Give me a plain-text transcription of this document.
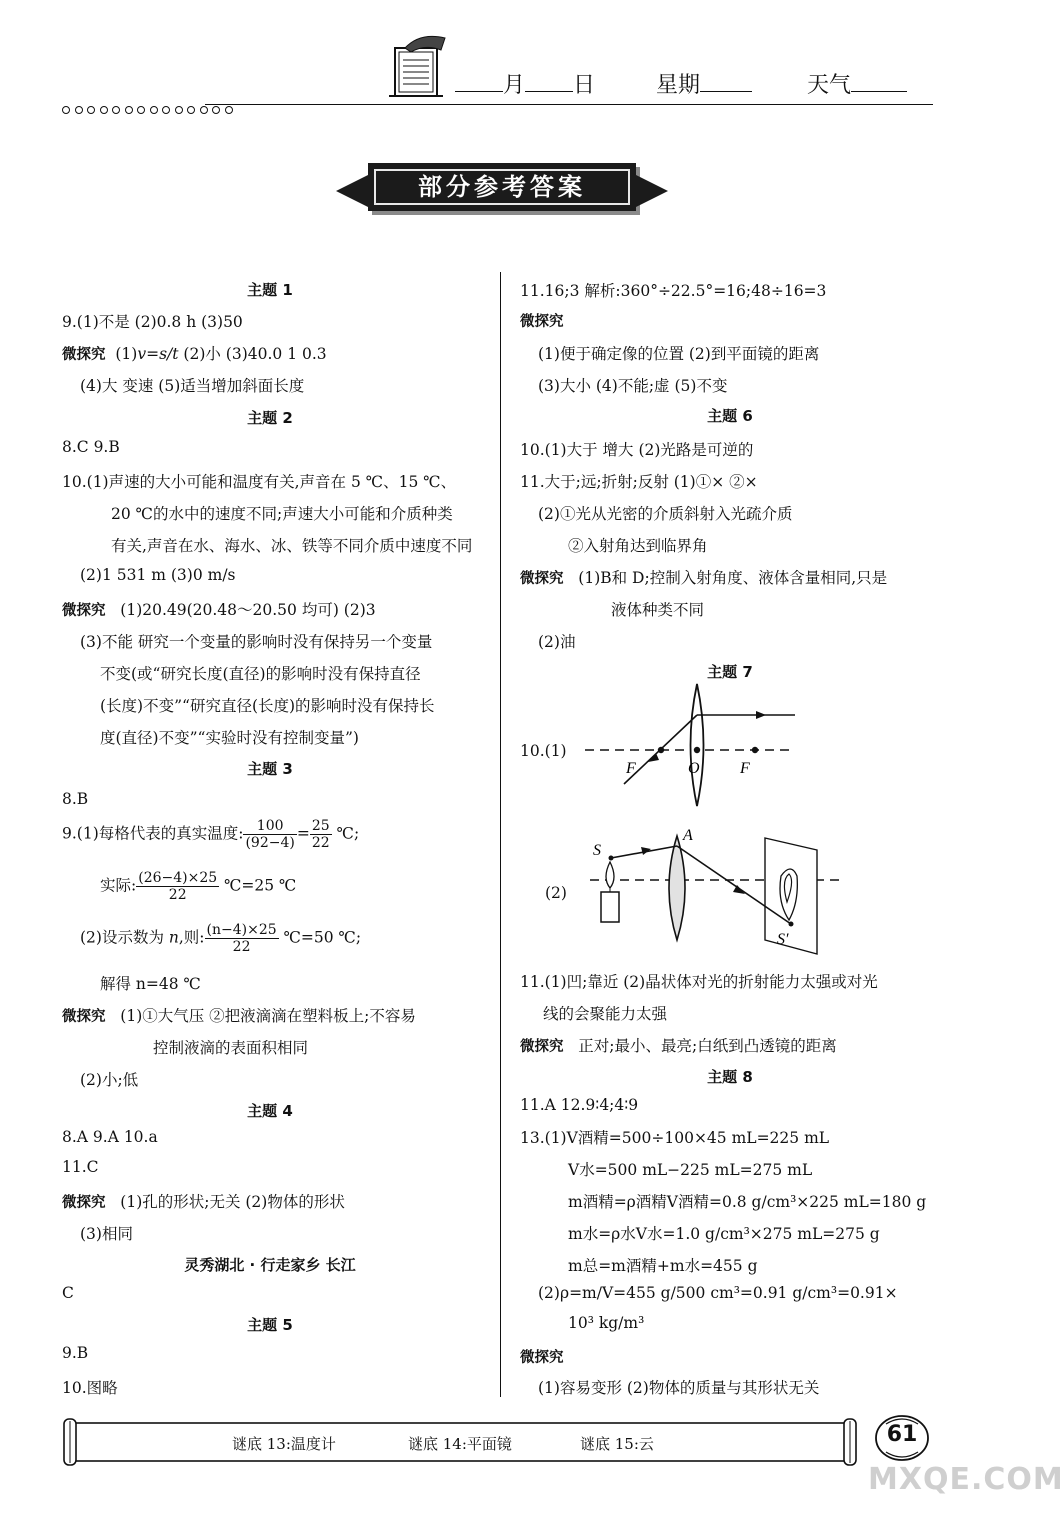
月 日	星期	天气
部分参考答案
主题 1
9.(1)不是 (2)0.8 h (3)50
微探究 (1)v=s/t (2)小 (3)40.0 1 0.3
(4)大 变速 (5)适当增加斜面长度
主题 2
8.C 9.B
10.(1)声速的大小可能和温度有关,声音在 5 ℃、15 ℃、
20 ℃的水中的速度不同;声速大小可能和介质种类
有关,声音在水、海水、冰、铁等不同介质中速度不同
(2)1 531 m (3)0 m/s
微探究 (1)20.49(20.48～20.50 均可) (2)3
(3)不能 研究一个变量的影响时没有保持另一个变量
不变(或“研究长度(直径)的影响时没有保持直径
(长度)不变”“研究直径(长度)的影响时没有保持长
度(直径)不变”“实验时没有控制变量”)
主题 3
8.B
9.(1)每格代表的真实温度: $\frac{100}{(92-4)} = \frac{25}{22}$ ℃;
实际: $\frac{(26-4)\times 25}{22}$ ℃=25 ℃
(2)设示数为 n,则: $\frac{(n-4)\times 25}{22}$ ℃=50 ℃;
解得 n=48 ℃
微探究 (1)①大气压 ②把液滴滴在塑料板上;不容易
控制液滴的表面积相同
(2)小;低
主题 4
8.A 9.A 10.a
11.C
微探究 (1)孔的形状;无关 (2)物体的形状
(3)相同
灵秀湖北 · 行走家乡 长江
C
主题 5
9.B
10.图略
11.16;3 解析:360°÷22.5°=16;48÷16=3
微探究
(1)便于确定像的位置 (2)到平面镜的距离
(3)大小 (4)不能;虚 (5)不变
主题 6
10.(1)大于 增大 (2)光路是可逆的
11.大于;远;折射;反射 (1)①× ②×
(2)①光从光密的介质斜射入光疏介质
②入射角达到临界角
微探究 (1)B和 D;控制入射角度、液体含量相同,只是
液体种类不同
(2)油
主题 7
10.(1)
F	O	F
(2)
S
A
S′
11.(1)凹;靠近 (2)晶状体对光的折射能力太强或对光
线的会聚能力太强
微探究 正对;最小、最亮;白纸到凸透镜的距离
主题 8
11.A 12.9∶4;4∶9
13.(1)V酒精=500÷100×45 mL=225 mL
V水=500 mL−225 mL=275 mL
m酒精=ρ酒精V酒精=0.8 g/cm³×225 mL=180 g
m水=ρ水V水=1.0 g/cm³×275 mL=275 g
m总=m酒精+m水=455 g
(2)ρ=m/V=455 g/500 cm³=0.91 g/cm³=0.91×
10³ kg/m³
微探究
(1)容易变形 (2)物体的质量与其形状无关
谜底 13:温度计	谜底 14:平面镜	谜底 15:云	61
MXQE.COM
